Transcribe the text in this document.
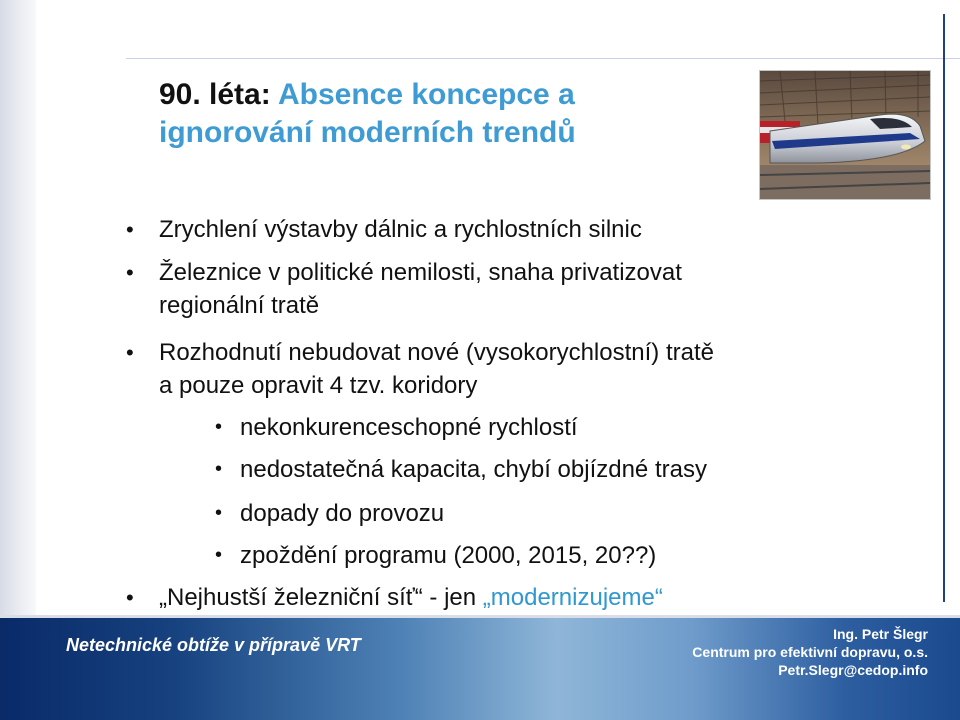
90. léta: Absence koncepce a
ignorování moderních trendů
• Zrychlení výstavby dálnic a rychlostních silnic
• Železnice v politické nemilosti, snaha privatizovat
regionální tratě
• Rozhodnutí nebudovat nové (vysokorychlostní) tratě
a pouze opravit 4 tzv. koridory
• nekonkurenceschopné rychlostí
• nedostatečná kapacita, chybí objízdné trasy
• dopady do provozu
• zpoždění programu (2000, 2015, 20??)
• „Nejhustší železniční síť“ - jen „modernizujeme“
Netechnické obtíže v přípravě VRT
Ing. Petr Šlegr
Centrum pro efektivní dopravu, o.s.
Petr.Slegr@cedop.info
